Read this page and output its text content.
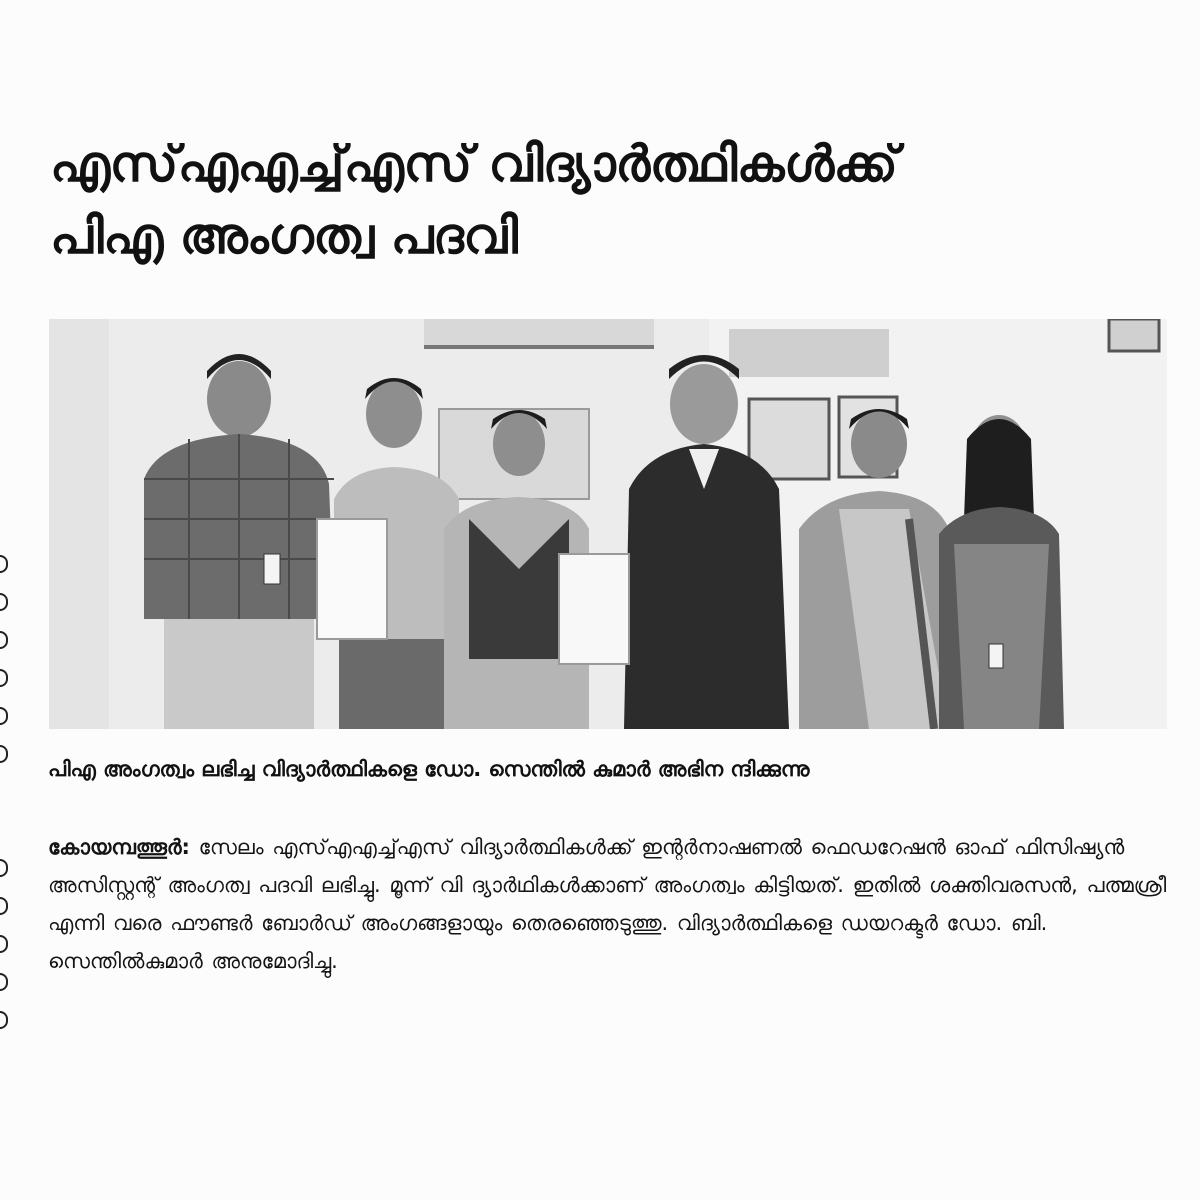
എസ്എഎച്ച്എസ് വിദ്യാർത്ഥികൾക്ക്
പിഎ അംഗത്വ പദവി

പിഎ അംഗത്വം ലഭിച്ച വിദ്യാർത്ഥികളെ ഡോ. സെന്തിൽ കുമാർ അഭിന ന്ദിക്കുന്നു

കോയമ്പത്തൂർ: സേലം എസ്എഎച്ച്എസ് വിദ്യാർത്ഥികൾക്ക് ഇന്റർനാഷണൽ ഫെഡറേഷൻ ഓഫ് ഫിസിഷ്യൻ അസിസ്റ്റന്റ് അംഗത്വ പദവി ലഭിച്ചു. മൂന്ന് വി ദ്യാർഥികൾക്കാണ് അംഗത്വം കിട്ടിയത്. ഇതിൽ ശക്തിവരസൻ, പത്മശ്രീ എന്നി വരെ ഫൗണ്ടർ ബോർഡ് അംഗങ്ങളായും തെരഞ്ഞെടുത്തു. വിദ്യാർത്ഥികളെ ഡയറക്ടർ ഡോ. ബി. സെന്തിൽകുമാർ അനുമോദിച്ചു.
